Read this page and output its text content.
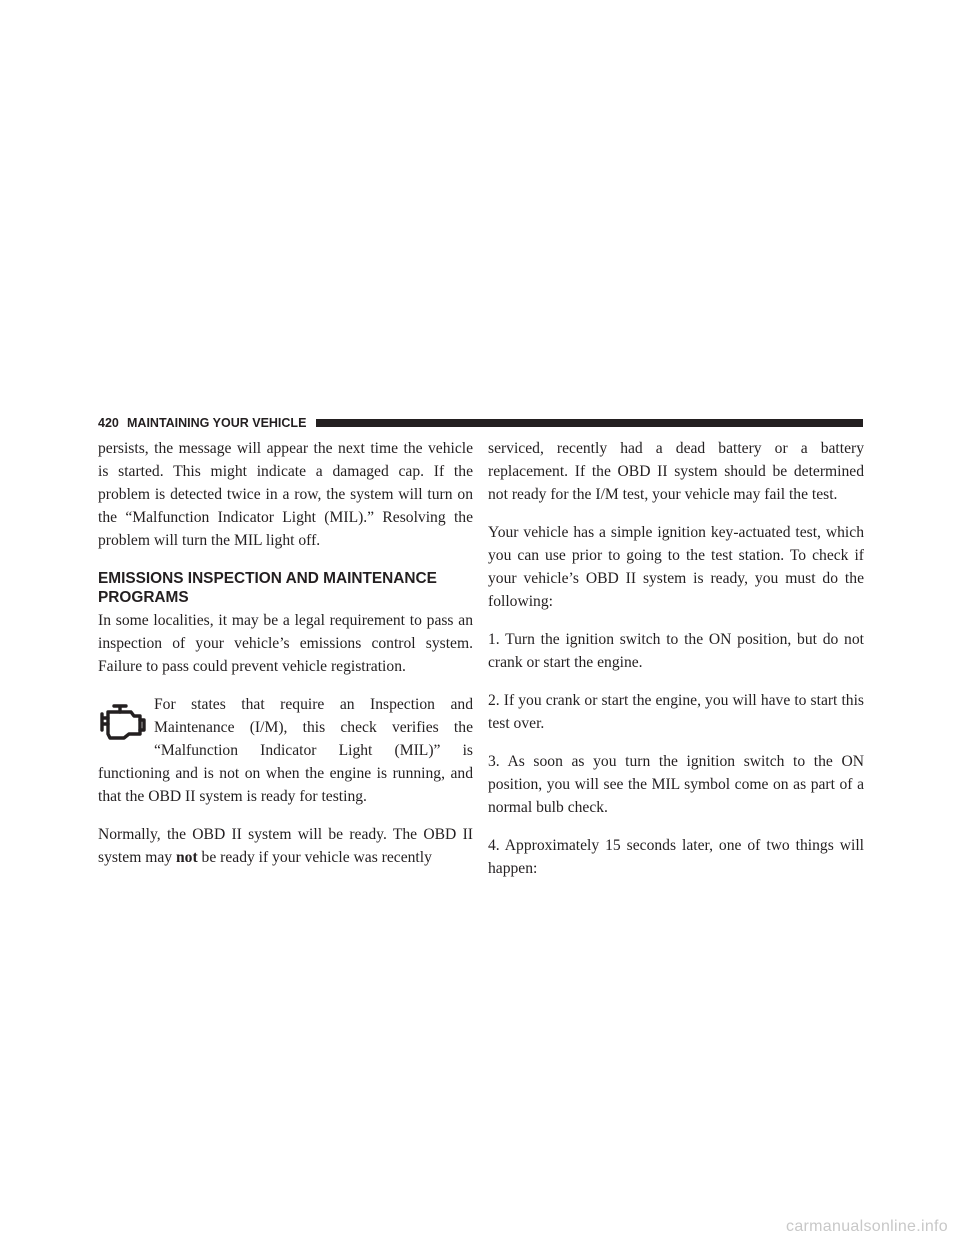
420 MAINTAINING YOUR VEHICLE

persists, the message will appear the next time the vehicle is started. This might indicate a damaged cap. If the problem is detected twice in a row, the system will turn on the “Malfunction Indicator Light (MIL).” Resolving the problem will turn the MIL light off.

EMISSIONS INSPECTION AND MAINTENANCE PROGRAMS

In some localities, it may be a legal requirement to pass an inspection of your vehicle’s emissions control system. Failure to pass could prevent vehicle registration.

For states that require an Inspection and Maintenance (I/M), this check verifies the “Malfunction Indicator Light (MIL)” is functioning and is not on when the engine is running, and that the OBD II system is ready for testing.

Normally, the OBD II system will be ready. The OBD II system may not be ready if your vehicle was recently

serviced, recently had a dead battery or a battery replacement. If the OBD II system should be determined not ready for the I/M test, your vehicle may fail the test.

Your vehicle has a simple ignition key-actuated test, which you can use prior to going to the test station. To check if your vehicle’s OBD II system is ready, you must do the following:

1. Turn the ignition switch to the ON position, but do not crank or start the engine.

2. If you crank or start the engine, you will have to start this test over.

3. As soon as you turn the ignition switch to the ON position, you will see the MIL symbol come on as part of a normal bulb check.

4. Approximately 15 seconds later, one of two things will happen:

carmanualsonline.info
